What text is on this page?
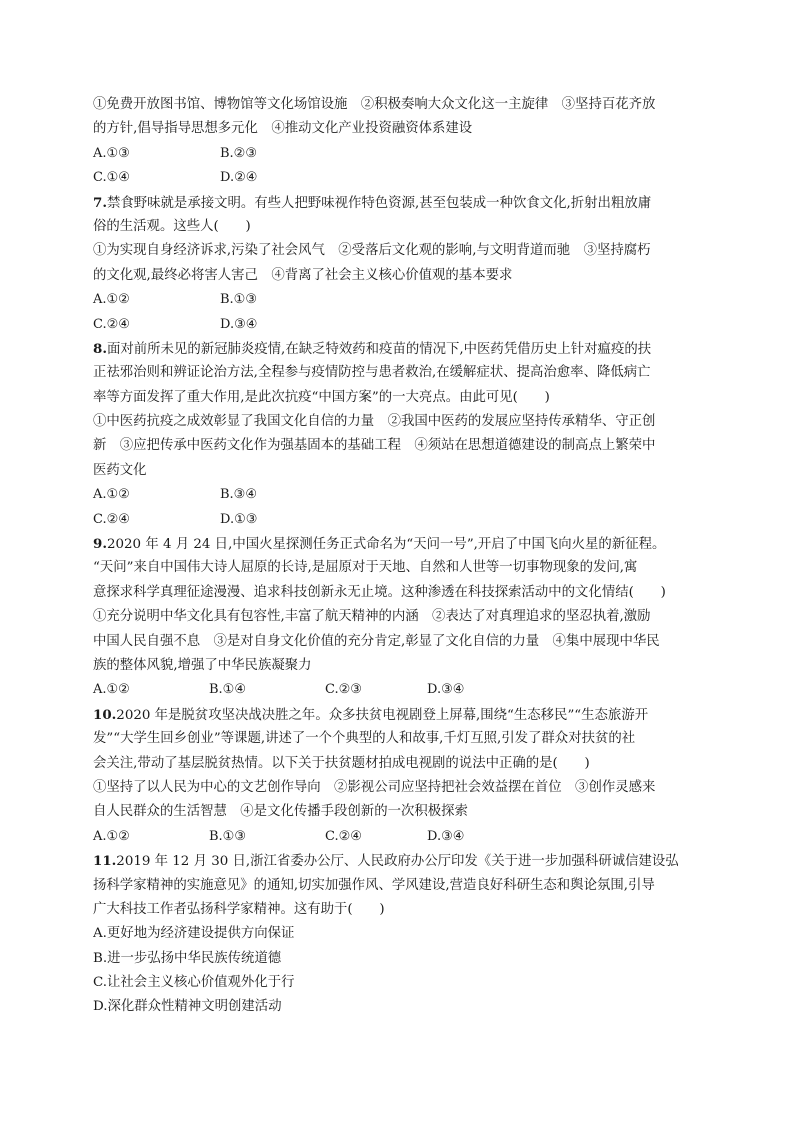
①免费开放图书馆、博物馆等文化场馆设施　②积极奏响大众文化这一主旋律　③坚持百花齐放
的方针,倡导指导思想多元化　④推动文化产业投资融资体系建设
A.①③	B.②③
C.①④	D.②④
7.禁食野味就是承接文明。有些人把野味视作特色资源,甚至包装成一种饮食文化,折射出粗放庸
俗的生活观。这些人(　　)
①为实现自身经济诉求,污染了社会风气　②受落后文化观的影响,与文明背道而驰　③坚持腐朽
的文化观,最终必将害人害己　④背离了社会主义核心价值观的基本要求
A.①②	B.①③
C.②④	D.③④
8.面对前所未见的新冠肺炎疫情,在缺乏特效药和疫苗的情况下,中医药凭借历史上针对瘟疫的扶
正祛邪治则和辨证论治方法,全程参与疫情防控与患者救治,在缓解症状、提高治愈率、降低病亡
率等方面发挥了重大作用,是此次抗疫“中国方案”的一大亮点。由此可见(　　)
①中医药抗疫之成效彰显了我国文化自信的力量　②我国中医药的发展应坚持传承精华、守正创
新　③应把传承中医药文化作为强基固本的基础工程　④须站在思想道德建设的制高点上繁荣中
医药文化
A.①②	B.③④
C.②④	D.①③
9.2020 年 4 月 24 日,中国火星探测任务正式命名为“天问一号”,开启了中国飞向火星的新征程。
“天问”来自中国伟大诗人屈原的长诗,是屈原对于天地、自然和人世等一切事物现象的发问,寓
意探求科学真理征途漫漫、追求科技创新永无止境。这种渗透在科技探索活动中的文化情结(　　)
①充分说明中华文化具有包容性,丰富了航天精神的内涵　②表达了对真理追求的坚忍执着,激励
中国人民自强不息　③是对自身文化价值的充分肯定,彰显了文化自信的力量　④集中展现中华民
族的整体风貌,增强了中华民族凝聚力
A.①②	B.①④	C.②③	D.③④
10.2020 年是脱贫攻坚决战决胜之年。众多扶贫电视剧登上屏幕,围绕“生态移民”“生态旅游开
发”“大学生回乡创业”等课题,讲述了一个个典型的人和故事,千灯互照,引发了群众对扶贫的社
会关注,带动了基层脱贫热情。以下关于扶贫题材拍成电视剧的说法中正确的是(　　)
①坚持了以人民为中心的文艺创作导向　②影视公司应坚持把社会效益摆在首位　③创作灵感来
自人民群众的生活智慧　④是文化传播手段创新的一次积极探索
A.①②	B.①③	C.②④	D.③④
11.2019 年 12 月 30 日,浙江省委办公厅、人民政府办公厅印发《关于进一步加强科研诚信建设弘
扬科学家精神的实施意见》的通知,切实加强作风、学风建设,营造良好科研生态和舆论氛围,引导
广大科技工作者弘扬科学家精神。这有助于(　　)
A.更好地为经济建设提供方向保证
B.进一步弘扬中华民族传统道德
C.让社会主义核心价值观外化于行
D.深化群众性精神文明创建活动
